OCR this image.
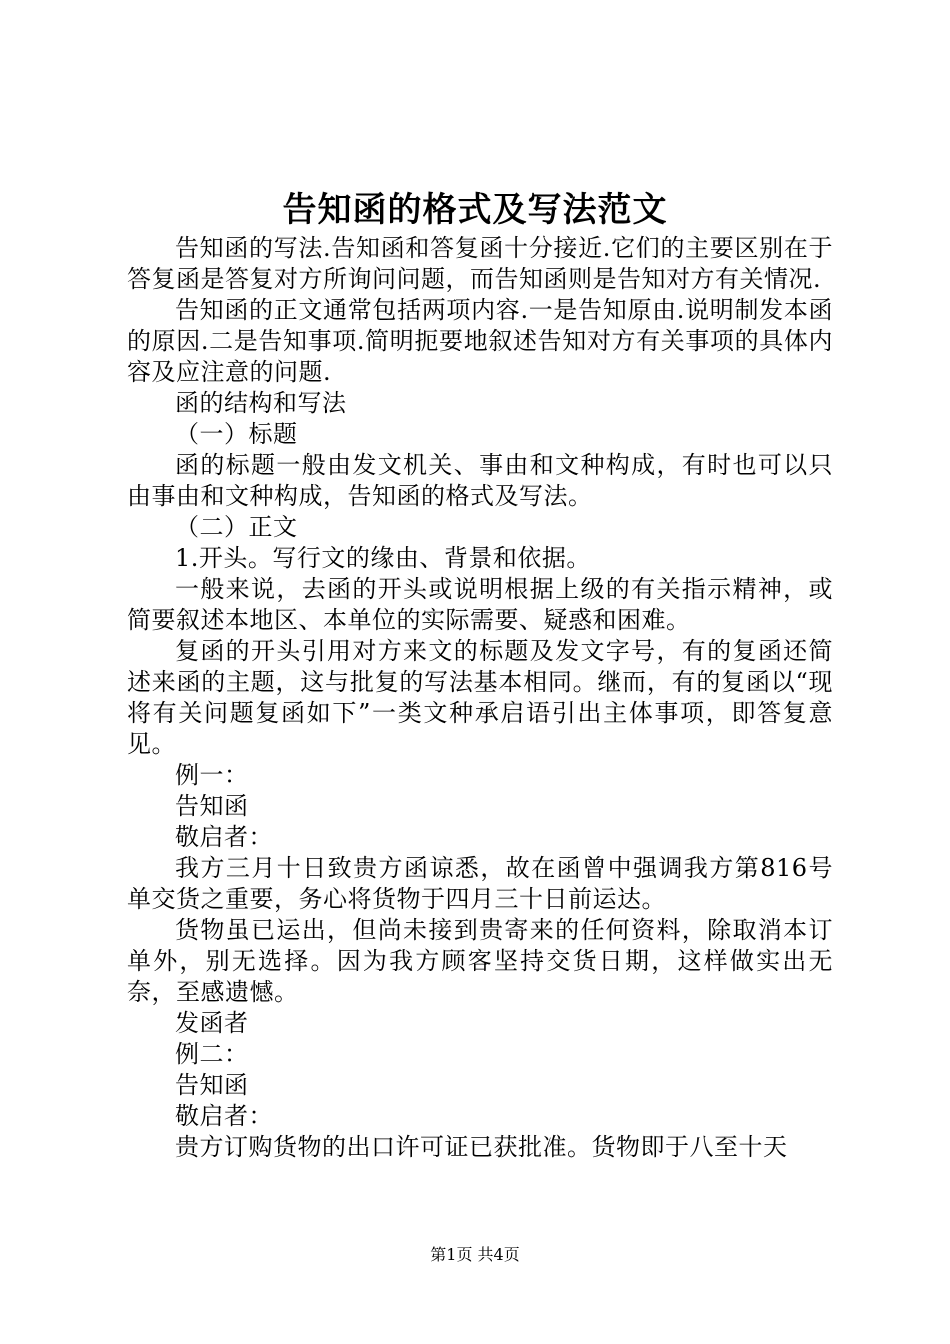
告知函的格式及写法范文

告知函的写法.告知函和答复函十分接近.它们的主要区别在于答复函是答复对方所询问问题，而告知函则是告知对方有关情况.

告知函的正文通常包括两项内容.一是告知原由.说明制发本函的原因.二是告知事项.简明扼要地叙述告知对方有关事项的具体内容及应注意的问题.

函的结构和写法

（一）标题

函的标题一般由发文机关、事由和文种构成，有时也可以只由事由和文种构成，告知函的格式及写法。

（二）正文

1.开头。写行文的缘由、背景和依据。

一般来说，去函的开头或说明根据上级的有关指示精神，或简要叙述本地区、本单位的实际需要、疑惑和困难。

复函的开头引用对方来文的标题及发文字号，有的复函还简述来函的主题，这与批复的写法基本相同。继而，有的复函以“现将有关问题复函如下”一类文种承启语引出主体事项，即答复意见。

例一：

告知函

敬启者：

我方三月十日致贵方函谅悉，故在函曾中强调我方第816号单交货之重要，务心将货物于四月三十日前运达。

货物虽已运出，但尚未接到贵寄来的任何资料，除取消本订单外，别无选择。因为我方顾客坚持交货日期，这样做实出无奈，至感遗憾。

发函者

例二：

告知函

敬启者：

贵方订购货物的出口许可证已获批准。货物即于八至十天

第1页 共4页
